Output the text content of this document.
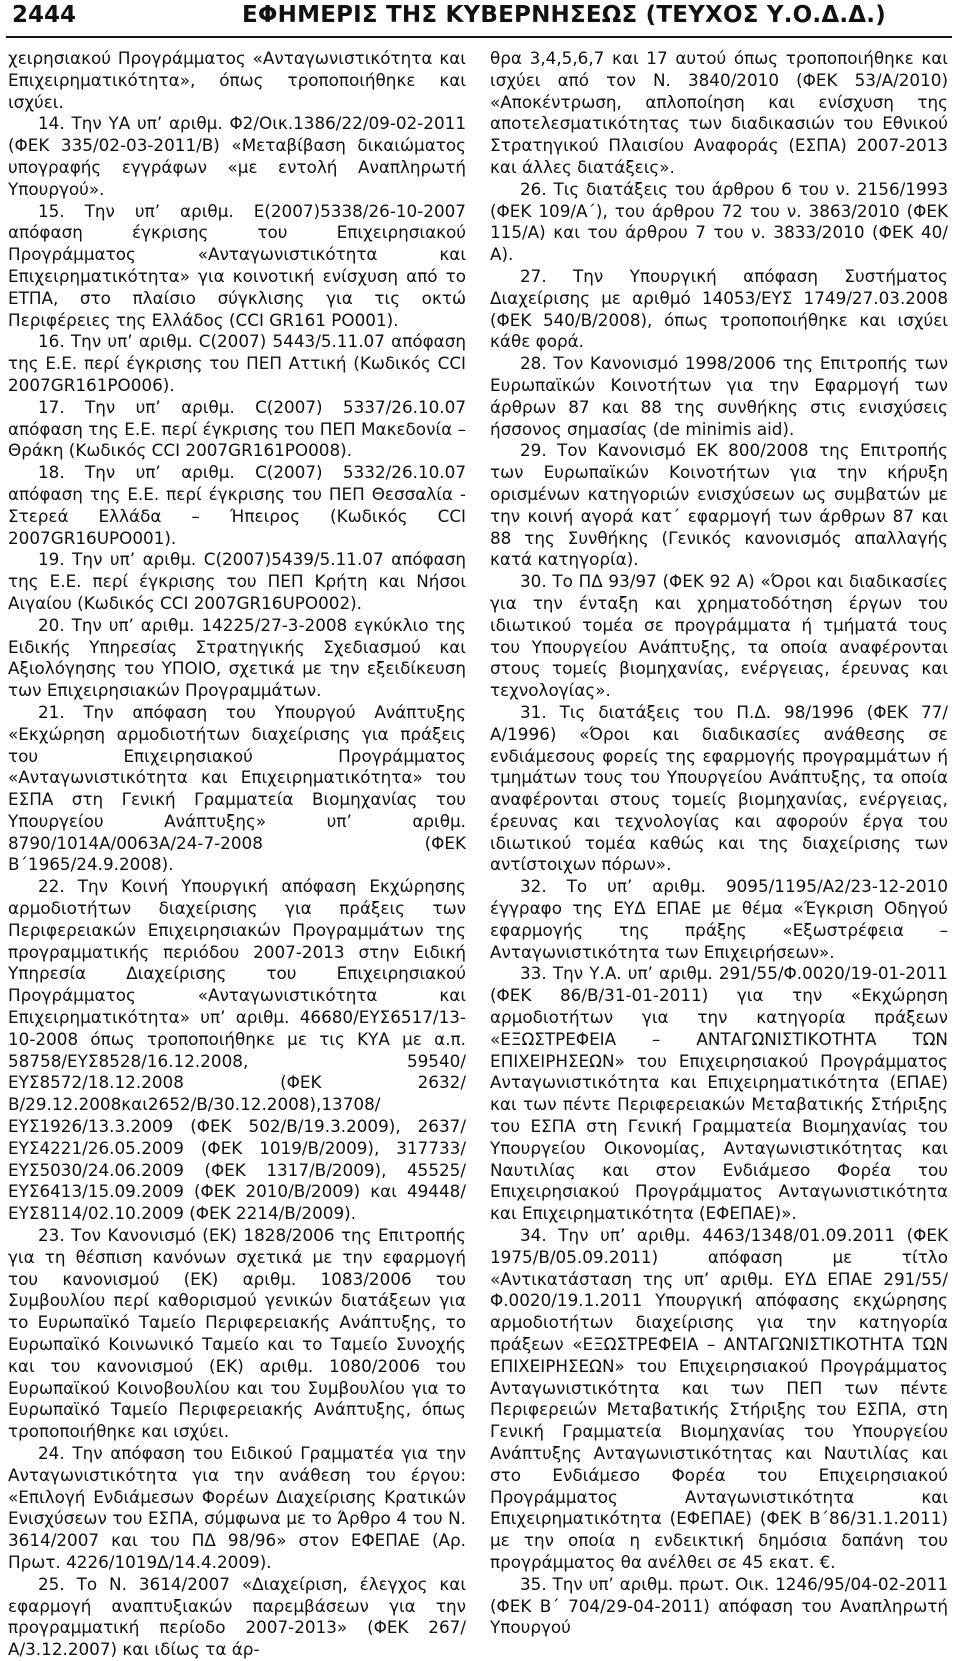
2444	ΕΦΗΜΕΡΙΣ ΤΗΣ ΚΥΒΕΡΝΗΣΕΩΣ (ΤΕΥΧΟΣ Υ.Ο.Δ.Δ.)

χειρησιακού Προγράμματος «Ανταγωνιστικότητα και Επιχειρηματικότητα», όπως τροποποιήθηκε και ισχύει.

14. Την ΥΑ υπ’ αριθμ. Φ2/Οικ.1386/22/09-02-2011 (ΦΕΚ 335/02-03-2011/Β) «Μεταβίβαση δικαιώματος υπογραφής εγγράφων «με εντολή Αναπληρωτή Υπουργού».

15. Την υπ’ αριθμ. Ε(2007)5338/26-10-2007 απόφαση έγκρισης του Επιχειρησιακού Προγράμματος «Ανταγωνιστικότητα και Επιχειρηματικότητα» για κοινοτική ενίσχυση από το ΕΤΠΑ, στο πλαίσιο σύγκλισης για τις οκτώ Περιφέρειες της Ελλάδος (CCI GR161 PO001).

16. Την υπ’ αριθμ. C(2007) 5443/5.11.07 απόφαση της Ε.Ε. περί έγκρισης του ΠΕΠ Αττική (Κωδικός CCI 2007GR161PO006).

17. Την υπ’ αριθμ. C(2007) 5337/26.10.07 απόφαση της Ε.Ε. περί έγκρισης του ΠΕΠ Μακεδονία – Θράκη (Κωδικός CCI 2007GR161PO008).

18. Την υπ’ αριθμ. C(2007) 5332/26.10.07 απόφαση της Ε.Ε. περί έγκρισης του ΠΕΠ Θεσσαλία - Στερεά Ελλάδα – Ήπειρος (Κωδικός CCI 2007GR16UPO001).

19. Την υπ’ αριθμ. C(2007)5439/5.11.07 απόφαση της Ε.Ε. περί έγκρισης του ΠΕΠ Κρήτη και Νήσοι Αιγαίου (Κωδικός CCI 2007GR16UPO002).

20. Την υπ’ αριθμ. 14225/27-3-2008 εγκύκλιο της Ειδικής Υπηρεσίας Στρατηγικής Σχεδιασμού και Αξιολόγησης του ΥΠΟΙΟ, σχετικά με την εξειδίκευση των Επιχειρησιακών Προγραμμάτων.

21. Την απόφαση του Υπουργού Ανάπτυξης «Εκχώρηση αρμοδιοτήτων διαχείρισης για πράξεις του Επιχειρησιακού Προγράμματος «Ανταγωνιστικότητα και Επιχειρηματικότητα» του ΕΣΠΑ στη Γενική Γραμματεία Βιομηχανίας του Υπουργείου Ανάπτυξης» υπ’ αριθμ. 8790/1014Α/0063Α/24-7-2008 (ΦΕΚ Β΄1965/24.9.2008).

22. Την Κοινή Υπουργική απόφαση Εκχώρησης αρμοδιοτήτων διαχείρισης για πράξεις των Περιφερειακών Επιχειρησιακών Προγραμμάτων της προγραμματικής περιόδου 2007-2013 στην Ειδική Υπηρεσία Διαχείρισης του Επιχειρησιακού Προγράμματος «Ανταγωνιστικότητα και Επιχειρηματικότητα» υπ’ αριθμ. 46680/ΕΥΣ6517/13-10-2008 όπως τροποποιήθηκε με τις ΚΥΑ με α.π. 58758/ΕΥΣ8528/16.12.2008, 59540/ΕΥΣ8572/18.12.2008 (ΦΕΚ 2632/Β/29.12.2008και2652/Β/30.12.2008),13708/ΕΥΣ1926/13.3.2009 (ΦΕΚ 502/Β/19.3.2009), 2637/ΕΥΣ4221/26.05.2009 (ΦΕΚ 1019/Β/2009), 317733/ΕΥΣ5030/24.06.2009 (ΦΕΚ 1317/Β/2009), 45525/ΕΥΣ6413/15.09.2009 (ΦΕΚ 2010/Β/2009) και 49448/ΕΥΣ8114/02.10.2009 (ΦΕΚ 2214/Β/2009).

23. Τον Κανονισμό (ΕΚ) 1828/2006 της Επιτροπής για τη θέσπιση κανόνων σχετικά με την εφαρμογή του κανονισμού (ΕΚ) αριθμ. 1083/2006 του Συμβουλίου περί καθορισμού γενικών διατάξεων για το Ευρωπαϊκό Ταμείο Περιφερειακής Ανάπτυξης, το Ευρωπαϊκό Κοινωνικό Ταμείο και το Ταμείο Συνοχής και του κανονισμού (ΕΚ) αριθμ. 1080/2006 του Ευρωπαϊκού Κοινοβουλίου και του Συμβουλίου για το Ευρωπαϊκό Ταμείο Περιφερειακής Ανάπτυξης, όπως τροποποιήθηκε και ισχύει.

24. Την απόφαση του Ειδικού Γραμματέα για την Ανταγωνιστικότητα για την ανάθεση του έργου: «Επιλογή Ενδιάμεσων Φορέων Διαχείρισης Κρατικών Ενισχύσεων του ΕΣΠΑ, σύμφωνα με το Άρθρο 4 του Ν. 3614/2007 και του ΠΔ 98/96» στον ΕΦΕΠΑΕ (Αρ. Πρωτ. 4226/1019Δ/14.4.2009).

25. Το Ν. 3614/2007 «Διαχείριση, έλεγχος και εφαρμογή αναπτυξιακών παρεμβάσεων για την προγραμματική περίοδο 2007-2013» (ΦΕΚ 267/Α/3.12.2007) και ιδίως τα άρ-

θρα 3,4,5,6,7 και 17 αυτού όπως τροποποιήθηκε και ισχύει από τον Ν. 3840/2010 (ΦΕΚ 53/Α/2010) «Αποκέντρωση, απλοποίηση και ενίσχυση της αποτελεσματικότητας των διαδικασιών του Εθνικού Στρατηγικού Πλαισίου Αναφοράς (ΕΣΠΑ) 2007-2013 και άλλες διατάξεις».

26. Τις διατάξεις του άρθρου 6 του ν. 2156/1993 (ΦΕΚ 109/Α΄), του άρθρου 72 του ν. 3863/2010 (ΦΕΚ 115/Α) και του άρθρου 7 του ν. 3833/2010 (ΦΕΚ 40/Α).

27. Την Υπουργική απόφαση Συστήματος Διαχείρισης με αριθμό 14053/ΕΥΣ 1749/27.03.2008 (ΦΕΚ 540/Β/2008), όπως τροποποιήθηκε και ισχύει κάθε φορά.

28. Τον Κανονισμό 1998/2006 της Επιτροπής των Ευρωπαϊκών Κοινοτήτων για την Εφαρμογή των άρθρων 87 και 88 της συνθήκης στις ενισχύσεις ήσσονος σημασίας (de minimis aid).

29. Τον Κανονισμό ΕΚ 800/2008 της Επιτροπής των Ευρωπαϊκών Κοινοτήτων για την κήρυξη ορισμένων κατηγοριών ενισχύσεων ως συμβατών με την κοινή αγορά κατ΄ εφαρμογή των άρθρων 87 και 88 της Συνθήκης (Γενικός κανονισμός απαλλαγής κατά κατηγορία).

30. Το ΠΔ 93/97 (ΦΕΚ 92 Α) «Όροι και διαδικασίες για την ένταξη και χρηματοδότηση έργων του ιδιωτικού τομέα σε προγράμματα ή τμήματά τους του Υπουργείου Ανάπτυξης, τα οποία αναφέρονται στους τομείς βιομηχανίας, ενέργειας, έρευνας και τεχνολογίας».

31. Τις διατάξεις του Π.Δ. 98/1996 (ΦΕΚ 77/Α/1996) «Όροι και διαδικασίες ανάθεσης σε ενδιάμεσους φορείς της εφαρμογής προγραμμάτων ή τμημάτων τους του Υπουργείου Ανάπτυξης, τα οποία αναφέρονται στους τομείς βιομηχανίας, ενέργειας, έρευνας και τεχνολογίας και αφορούν έργα του ιδιωτικού τομέα καθώς και της διαχείρισης των αντίστοιχων πόρων».

32. Το υπ’ αριθμ. 9095/1195/Α2/23-12-2010 έγγραφο της ΕΥΔ ΕΠΑΕ με θέμα «Έγκριση Οδηγού εφαρμογής της πράξης «Εξωστρέφεια – Ανταγωνιστικότητα των Επιχειρήσεων».

33. Την Υ.Α. υπ’ αριθμ. 291/55/Φ.0020/19-01-2011 (ΦΕΚ 86/Β/31-01-2011) για την «Εκχώρηση αρμοδιοτήτων για την κατηγορία πράξεων «ΕΞΩΣΤΡΕΦΕΙΑ – ΑΝΤΑΓΩΝΙΣΤΙΚΟΤΗΤΑ ΤΩΝ ΕΠΙΧΕΙΡΗΣΕΩΝ» του Επιχειρησιακού Προγράμματος Ανταγωνιστικότητα και Επιχειρηματικότητα (ΕΠΑΕ) και των πέντε Περιφερειακών Μεταβατικής Στήριξης του ΕΣΠΑ στη Γενική Γραμματεία Βιομηχανίας του Υπουργείου Οικονομίας, Ανταγωνιστικότητας και Ναυτιλίας και στον Ενδιάμεσο Φορέα του Επιχειρησιακού Προγράμματος Ανταγωνιστικότητα και Επιχειρηματικότητα (ΕΦΕΠΑΕ)».

34. Την υπ’ αριθμ. 4463/1348/01.09.2011 (ΦΕΚ 1975/Β/05.09.2011) απόφαση με τίτλο «Αντικατάσταση της υπ’ αριθμ. ΕΥΔ ΕΠΑΕ 291/55/Φ.0020/19.1.2011 Υπουργική απόφασης εκχώρησης αρμοδιοτήτων διαχείρισης για την κατηγορία πράξεων «ΕΞΩΣΤΡΕΦΕΙΑ – ΑΝΤΑΓΩΝΙΣΤΙΚΟΤΗΤΑ ΤΩΝ ΕΠΙΧΕΙΡΗΣΕΩΝ» του Επιχειρησιακού Προγράμματος Ανταγωνιστικότητα και των ΠΕΠ των πέντε Περιφερειών Μεταβατικής Στήριξης του ΕΣΠΑ, στη Γενική Γραμματεία Βιομηχανίας του Υπουργείου Ανάπτυξης Ανταγωνιστικότητας και Ναυτιλίας και στο Ενδιάμεσο Φορέα του Επιχειρησιακού Προγράμματος Ανταγωνιστικότητα και Επιχειρηματικότητα (ΕΦΕΠΑΕ) (ΦΕΚ Β΄86/31.1.2011) με την οποία η ενδεικτική δημόσια δαπάνη του προγράμματος θα ανέλθει σε 45 εκατ. €.

35. Την υπ’ αριθμ. πρωτ. Οικ. 1246/95/04-02-2011 (ΦΕΚ Β΄ 704/29-04-2011) απόφαση του Αναπληρωτή Υπουργού
